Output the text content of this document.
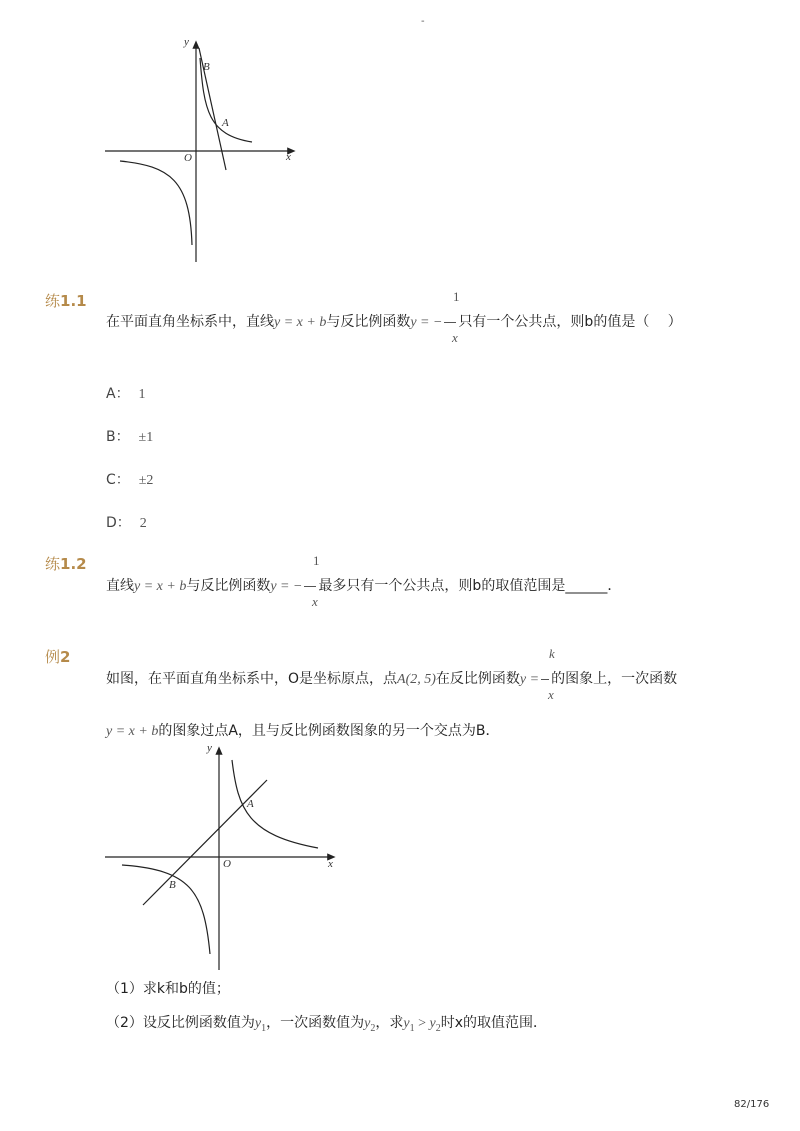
-
B
A
O	x
y
练1.1
在平面直角坐标系中，直线y = x + b与反比例函数y = − 只有一个公共点，则b的值是（　 ）
1
x
A： 1
B： ±1
C： ±2
D： 2
练1.2
直线y = x + b与反比例函数y = − 最多只有一个公共点，则b的取值范围是______．
1
x
例2
如图，在平面直角坐标系中，O是坐标原点，点A(2, 5)在反比例函数y = 的图象上，一次函数
k
x
y = x + b的图象过点A，且与反比例函数图象的另一个交点为B．
A
B
O	x
y
（1）求k和b的值；
（2）设反比例函数值为$y_1$，一次函数值为$y_2$，求$y_1 > y_2$时x的取值范围．
82/176
